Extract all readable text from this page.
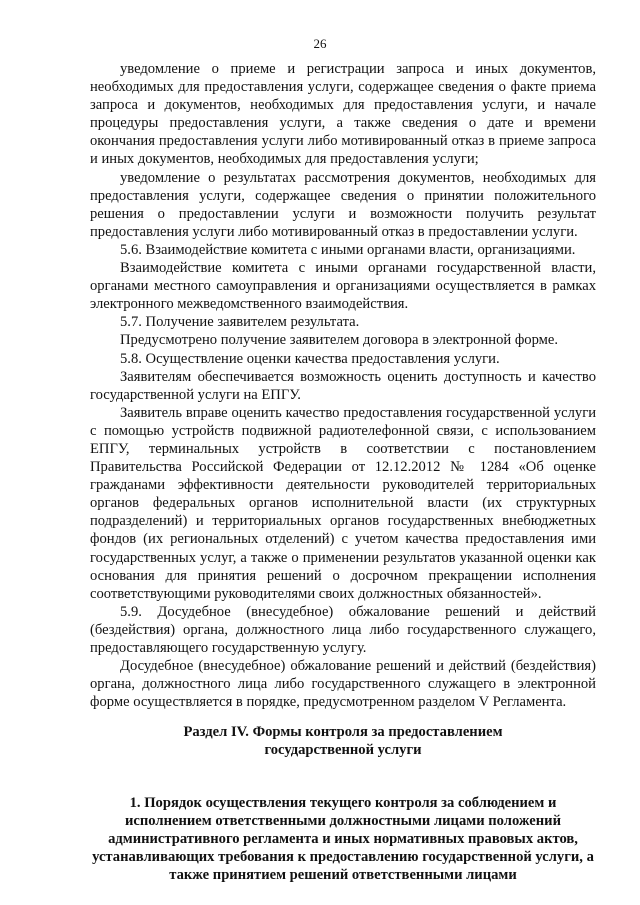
26

уведомление о приеме и регистрации запроса и иных документов, необходимых для предоставления услуги, содержащее сведения о факте приема запроса и документов, необходимых для предоставления услуги, и начале процедуры предоставления услуги, а также сведения о дате и времени окончания предоставления услуги либо мотивированный отказ в приеме запроса и иных документов, необходимых для предоставления услуги;

уведомление о результатах рассмотрения документов, необходимых для предоставления услуги, содержащее сведения о принятии положительного решения о предоставлении услуги и возможности получить результат предоставления услуги либо мотивированный отказ в предоставлении услуги.

5.6. Взаимодействие комитета с иными органами власти, организациями.

Взаимодействие комитета с иными органами государственной власти, органами местного самоуправления и организациями осуществляется в рамках электронного межведомственного взаимодействия.

5.7. Получение заявителем результата.

Предусмотрено получение заявителем договора в электронной форме.

5.8. Осуществление оценки качества предоставления услуги.

Заявителям обеспечивается возможность оценить доступность и качество государственной услуги на ЕПГУ.

Заявитель вправе оценить качество предоставления государственной услуги с помощью устройств подвижной радиотелефонной связи, с использованием ЕПГУ, терминальных устройств в соответствии с постановлением Правительства Российской Федерации от 12.12.2012 № 1284 «Об оценке гражданами эффективности деятельности руководителей территориальных органов федеральных органов исполнительной власти (их структурных подразделений) и территориальных органов государственных внебюджетных фондов (их региональных отделений) с учетом качества предоставления ими государственных услуг, а также о применении результатов указанной оценки как основания для принятия решений о досрочном прекращении исполнения соответствующими руководителями своих должностных обязанностей».

5.9. Досудебное (внесудебное) обжалование решений и действий (бездействия) органа, должностного лица либо государственного служащего, предоставляющего государственную услугу.

Досудебное (внесудебное) обжалование решений и действий (бездействия) органа, должностного лица либо государственного служащего в электронной форме осуществляется в порядке, предусмотренном разделом V Регламента.

Раздел IV. Формы контроля за предоставлением
государственной услуги
1. Порядок осуществления текущего контроля за соблюдением и исполнением ответственными должностными лицами положений административного регламента и иных нормативных правовых актов, устанавливающих требования к предоставлению государственной услуги, а также принятием решений ответственными лицами
